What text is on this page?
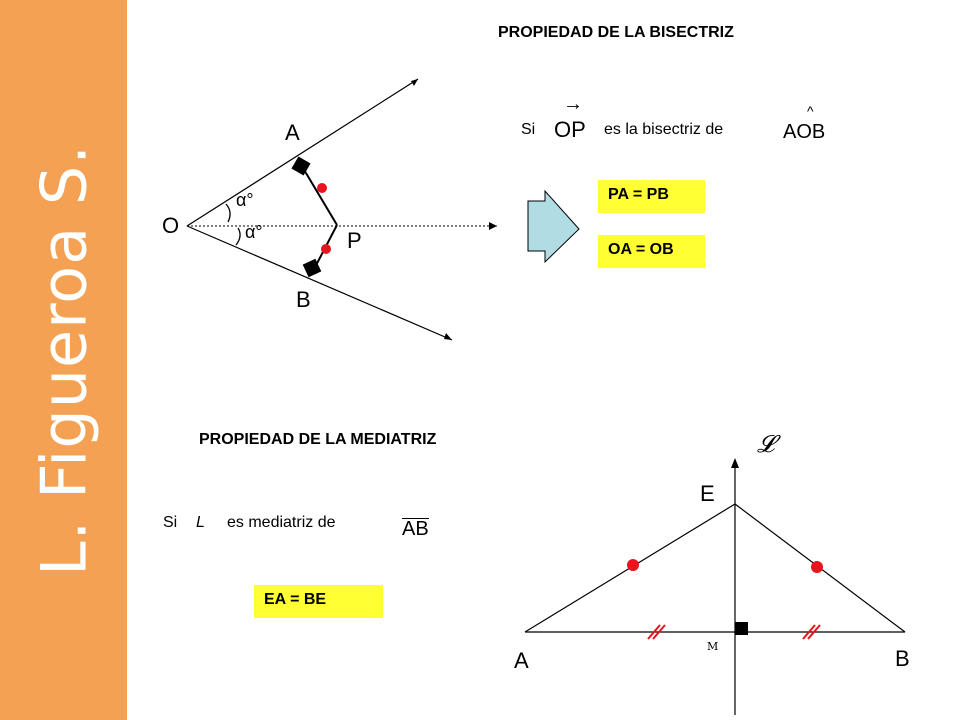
L. Figueroa S.
PROPIEDAD DE LA BISECTRIZ
Si
→
OP es la bisectriz de
^
AOB
PA = PB
OA = OB
A
O
P
B
α°
α°
PROPIEDAD DE LA MEDIATRIZ
Si L es mediatriz de	AB
EA = BE
𝓛
E
A	B
M
